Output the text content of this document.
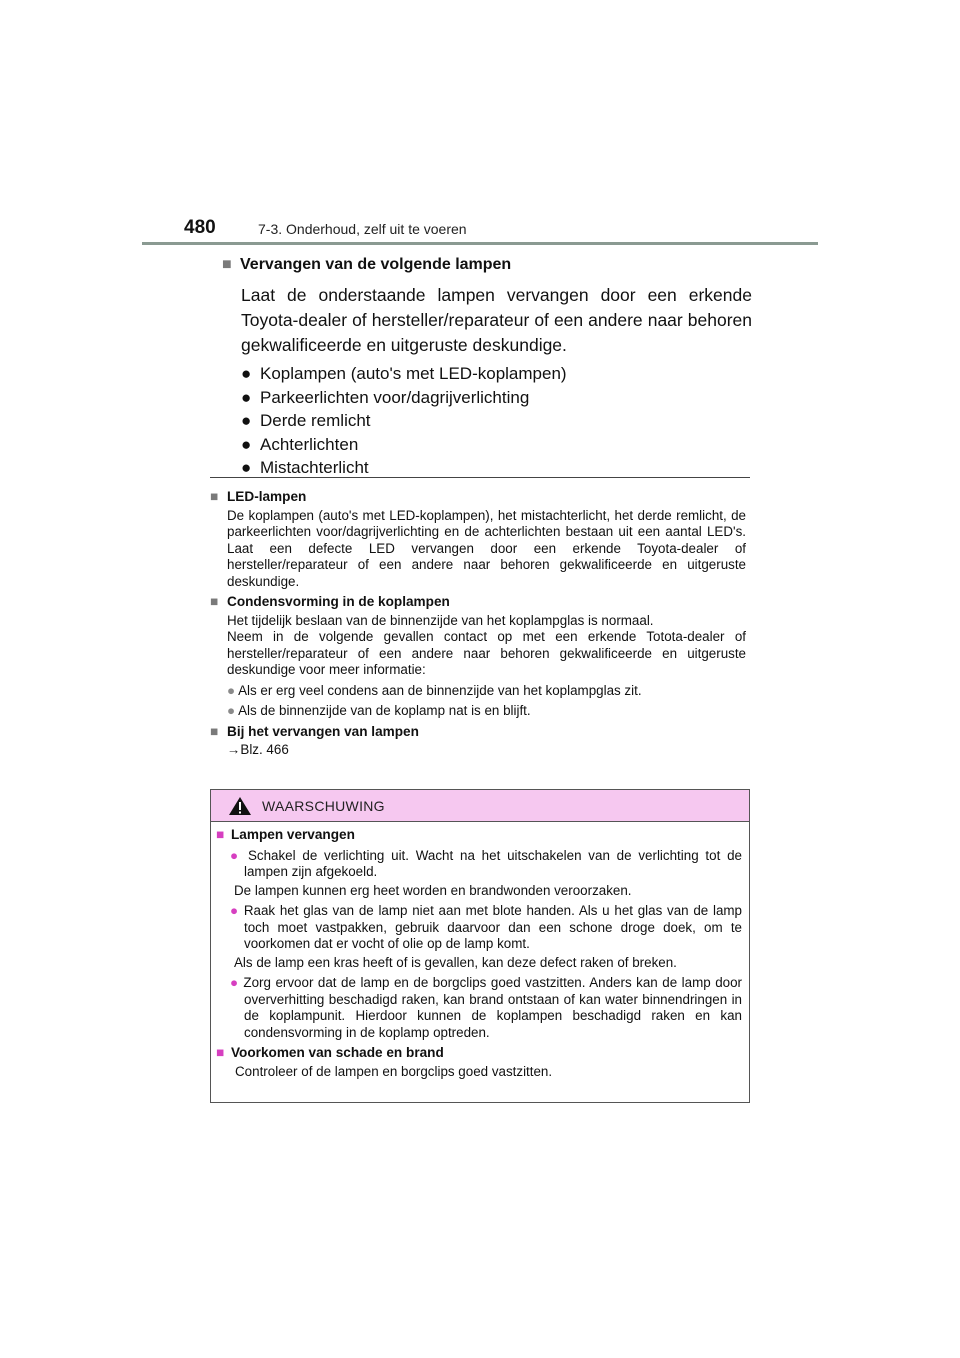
480	7-3. Onderhoud, zelf uit te voeren
■ Vervangen van de volgende lampen
Laat de onderstaande lampen vervangen door een erkende Toyota-dealer of hersteller/reparateur of een andere naar behoren gekwalificeerde en uitgeruste deskundige.
● Koplampen (auto's met LED-koplampen)
● Parkeerlichten voor/dagrijverlichting
● Derde remlicht
● Achterlichten
● Mistachterlicht
■ LED-lampen
De koplampen (auto's met LED-koplampen), het mistachterlicht, het derde remlicht, de parkeerlichten voor/dagrijverlichting en de achterlichten bestaan uit een aantal LED's. Laat een defecte LED vervangen door een erkende Toyota-dealer of hersteller/reparateur of een andere naar behoren gekwalificeerde en uitgeruste deskundige.
■ Condensvorming in de koplampen
Het tijdelijk beslaan van de binnenzijde van het koplampglas is normaal.
Neem in de volgende gevallen contact op met een erkende Totota-dealer of hersteller/reparateur of een andere naar behoren gekwalificeerde en uitgeruste deskundige voor meer informatie:
● Als er erg veel condens aan de binnenzijde van het koplampglas zit.
● Als de binnenzijde van de koplamp nat is en blijft.
■ Bij het vervangen van lampen
→Blz. 466
WAARSCHUWING
■ Lampen vervangen
● Schakel de verlichting uit. Wacht na het uitschakelen van de verlichting tot de lampen zijn afgekoeld.
De lampen kunnen erg heet worden en brandwonden veroorzaken.
● Raak het glas van de lamp niet aan met blote handen. Als u het glas van de lamp toch moet vastpakken, gebruik daarvoor dan een schone droge doek, om te voorkomen dat er vocht of olie op de lamp komt.
Als de lamp een kras heeft of is gevallen, kan deze defect raken of breken.
● Zorg ervoor dat de lamp en de borgclips goed vastzitten. Anders kan de lamp door oververhitting beschadigd raken, kan brand ontstaan of kan water binnendringen in de koplampunit. Hierdoor kunnen de koplampen beschadigd raken en kan condensvorming in de koplamp optreden.
■ Voorkomen van schade en brand
Controleer of de lampen en borgclips goed vastzitten.
